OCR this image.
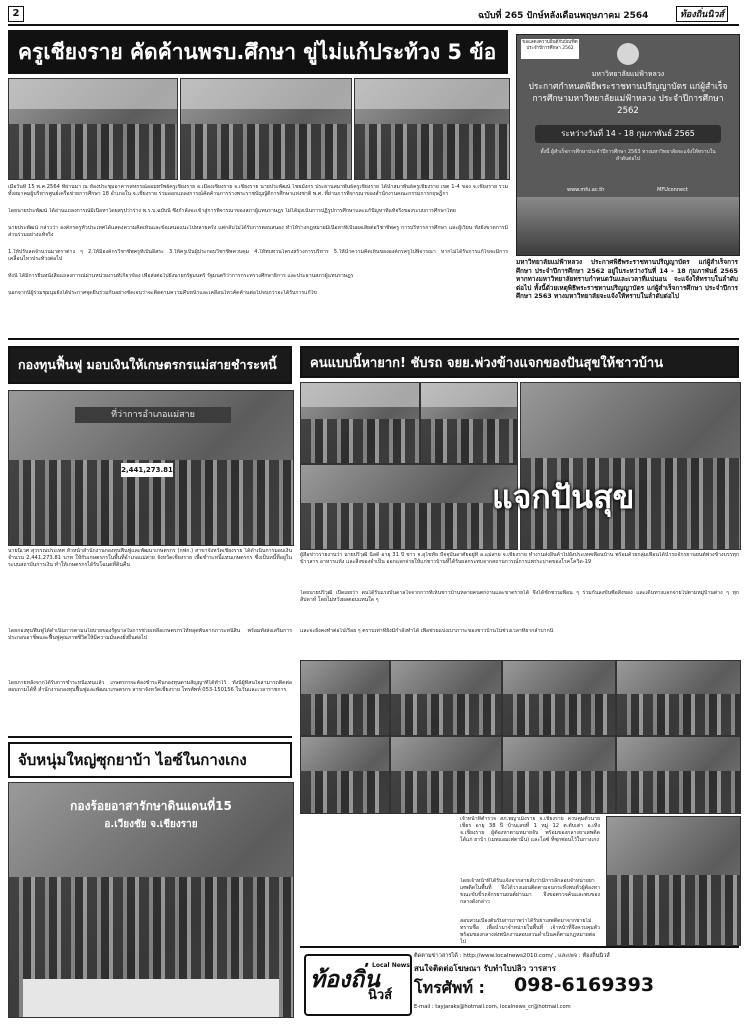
2	ฉบับที่ 265 ปักษ์หลังเดือนพฤษภาคม 2564	ท้องถิ่นนิวส์
ครูเชียงราย คัดค้านพรบ.ศึกษา ขู่ไม่แก้ประท้วง 5 ข้อ
เมื่อวันที่ 15 พ.ค.2564 ที่ผ่านมา ณ ห้องประชุมอาคารสหกรณ์ออมทรัพย์ครูเชียงราย อ.เมืองเชียงราย จ.เชียงราย นายประพัฒน์ ไชยมังกร ประธานสมาพันธ์ครูเชียงราย ได้นำสมาพันธ์ครูเชียงราย เขต 1-4 ของ จ.เชียงราย รวมทั้งสมาคมผู้บริหารศูนย์เครือข่ายการศึกษา 18 อำเภอใน จ.เชียงราย ร่วมออกแถลงการณ์คัดค้านการร่างพระราชบัญญัติการศึกษาแห่งชาติ พ.ศ. ที่ผ่านการพิจารณาของสำนักงานคณะกรรมการกฤษฎีกา
โดยนายประพัฒน์ ได้อ่านแถลงการณ์มีเนื้อหาโดยสรุปว่าร่าง พ.ร.บ.ฉบับนี้ ซึ่งกำลังจะเข้าสู่การพิจารณาของสภาผู้แทนราษฎร ไม่ได้มุ่งเน้นการปฏิรูปการศึกษาและแก้ปัญหาที่แท้จริงของระบบการศึกษาไทย
นายประพัฒน์ กล่าวว่า องค์กรครูทั่วประเทศได้แสดงความคิดเห็นและข้อเสนอแนะไปหลายครั้ง แต่กลับไม่ได้รับการตอบสนอง ทำให้ร่างกฎหมายมีเนื้อหาที่เป็นผลเสียต่อวิชาชีพครู การบริหารการศึกษา และผู้เรียน ทั้งยังขาดการมีส่วนร่วมอย่างแท้จริง
1.ให้ปรับลดจำนวนมาตราต่าง ๆ 2.ให้มีองค์กรวิชาชีพครูที่เป็นอิสระ 3.ให้ครูเป็นผู้ประกอบวิชาชีพควบคุม 4.ให้ทบทวนโครงสร้างการบริหาร 5.ให้นำความคิดเห็นขององค์กรครูไปพิจารณา หากไม่ได้รับการแก้ไขจะมีการเคลื่อนไหวประท้วงต่อไป
ทั้งนี้ ได้มีการยื่นหนังสือแถลงการณ์ผ่านหน่วยงานที่เกี่ยวข้อง เพื่อส่งต่อไปยังนายกรัฐมนตรี รัฐมนตรีว่าการกระทรวงศึกษาธิการ และประธานสภาผู้แทนราษฎร
นอกจากนี้ผู้ร่วมชุมนุมยังได้ประกาศจุดยืนร่วมกันอย่างชัดเจนว่าจะติดตามความคืบหน้าและเคลื่อนไหวคัดค้านต่อไปจนกว่าจะได้รับการแก้ไข
ขอแสดงความยินดีกับบัณฑิต ประจำปีการศึกษา 2562
มหาวิทยาลัยแม่ฟ้าหลวง
ประกาศกำหนดพิธีพระราชทานปริญญาบัตร แก่ผู้สำเร็จการศึกษามหาวิทยาลัยแม่ฟ้าหลวง ประจำปีการศึกษา 2562
ระหว่างวันที่ 14 - 18 กุมภาพันธ์ 2565
ทั้งนี้ ผู้สำเร็จการศึกษาประจำปีการศึกษา 2563 ทางมหาวิทยาลัยจะแจ้งให้ทราบในลำดับต่อไป
www.mfu.ac.th	MFUconnect
มหาวิทยาลัยแม่ฟ้าหลวง ประกาศพิธีพระราชทานปริญญาบัตร แก่ผู้สำเร็จการศึกษา ประจำปีการศึกษา 2562 อยู่ในระหว่างวันที่ 14 - 18 กุมภาพันธ์ 2565 หากทางมหาวิทยาลัยทราบกำหนดวันและเวลาที่แน่นอน จะแจ้งให้ทราบในลำดับต่อไป ทั้งนี้ด้วยเหตุพิธีพระราชทานปริญญาบัตร แก่ผู้สำเร็จการศึกษา ประจำปีการศึกษา 2563 ทางมหาวิทยาลัยจะแจ้งให้ทราบในลำดับต่อไป
กองทุนฟื้นฟู มอบเงินให้เกษตรกรแม่สายชำระหนี้
ที่ว่าการอำเภอแม่สาย
2,441,273.81
นายนิเวศ สุวรรณประเทศ หัวหน้าสำนักงานกองทุนฟื้นฟูและพัฒนาเกษตรกร (กฟก.) สาขาจังหวัดเชียงราย ได้ดำเนินการมอบเงิน จำนวน 2,441,273.81 บาท ให้กับเกษตรกรในพื้นที่อำเภอแม่สาย จังหวัดเชียงราย เพื่อชำระหนี้แทนเกษตรกร ซึ่งเป็นหนี้ที่อยู่ในระบบสถาบันการเงิน ทำให้เกษตรกรได้รับโฉนดที่ดินคืน
โดยกองทุนฟื้นฟูได้ดำเนินการตามนโยบายของรัฐบาลในการช่วยเหลือเกษตรกรให้หลุดพ้นจากภาระหนี้สิน พร้อมทั้งส่งเสริมการประกอบอาชีพและฟื้นฟูคุณภาพชีวิตให้มีความมั่นคงยั่งยืนต่อไป
โดยภายหลังจากได้รับการชำระหนี้แทนแล้ว เกษตรกรจะต้องชำระคืนกองทุนตามสัญญาที่ได้ทำไว้ ทั้งนี้ผู้ที่สนใจสามารถติดต่อสอบถามได้ที่ สำนักงานกองทุนฟื้นฟูและพัฒนาเกษตรกร สาขาจังหวัดเชียงราย โทรศัพท์ 053-150156 ในวันและเวลาราชการ
คนแบบนี้หายาก! ชับรถ จยย.พ่วงข้างแจกของปันสุขให้ชาวบ้าน
แจกปันสุข
ผู้สื่อข่าวรายงานว่า นายปรีวุฒิ นิลดี อายุ 31 ปี ชาว จ.สุโขทัย ปัจจุบันอาศัยอยู่ที่ อ.แม่สาย จ.เชียงราย ทำงานส่งสินค้าไปยังประเทศเพื่อนบ้าน พร้อมด้วยกลุ่มเพื่อนได้นำรถจักรยานยนต์พ่วงข้างบรรทุกข้าวสาร อาหารแห้ง และสิ่งของจำเป็น ออกแจกจ่ายให้แก่ชาวบ้านที่ได้รับผลกระทบจากสถานการณ์การแพร่ระบาดของโรคโควิด-19
โดยนายปรีวุฒิ เปิดเผยว่า ตนได้รับแรงบันดาลใจจากการที่เห็นชาวบ้านหลายคนตกงานและขาดรายได้ จึงได้ชักชวนเพื่อน ๆ ร่วมกันลงขันซื้อสิ่งของ และเดินทางแจกจ่ายไปตามหมู่บ้านต่าง ๆ ทุกสัปดาห์ โดยไม่หวังผลตอบแทนใด ๆ
และจะยังคงทำต่อไปเรื่อย ๆ ตราบเท่าที่ยังมีกำลังทำได้ เพื่อช่วยแบ่งเบาภาระของชาวบ้านในช่วงเวลาที่ยากลำบากนี้
จับหนุ่มใหญ่ซุกยาบ้า ไอซ์ในกางเกง
กองร้อยอาสารักษาดินแดนที่15
อ.เวียงชัย จ.เชียงราย	เจ้าหน้าที่ตำรวจ สภ.พญาเม็งราย จ.เชียงราย ควบคุมตัวนายเชียร อายุ 38 ปี บ้านเลขที่ 1 หมู่ 12 ต.ตับเต่า อ.เทิง จ.เชียงราย ผู้ต้องหาตามหมายจับ พร้อมของกลางยาเสพติด ได้แก่ ยาบ้า (เมทแอมเฟตามีน) และไอซ์ ที่ซุกซ่อนไว้ในกางเกง
โดยเจ้าหน้าที่ได้รับแจ้งจากสายลับว่ามีการลักลอบจำหน่ายยาเสพติดในพื้นที่ จึงได้วางแผนติดตามจนกระทั่งพบตัวผู้ต้องหาขณะขับขี่รถจักรยานยนต์ผ่านมา จึงขอตรวจค้นและพบของกลางดังกล่าว
สอบสวนเบื้องต้นรับสารภาพว่าได้รับยาเสพติดมาจากชายไม่ทราบชื่อ เพื่อนำมาจำหน่ายในพื้นที่ เจ้าหน้าที่จึงควบคุมตัวพร้อมของกลางส่งพนักงานสอบสวนดำเนินคดีตามกฎหมายต่อไป
ท้องถิ่น
นิวส์
Local News
ติดตามข่าวสารได้ : http://www.localnews2010.com/ , และเพจ : ท้องถิ่นนิวส์
สนใจติดต่อโฆษณา รับทำใบปลิว วารสาร
โทรศัพท์ : 098-6169393
E-mail : tayjaraks@hotmail.com, localnews_cr@hotmail.com
